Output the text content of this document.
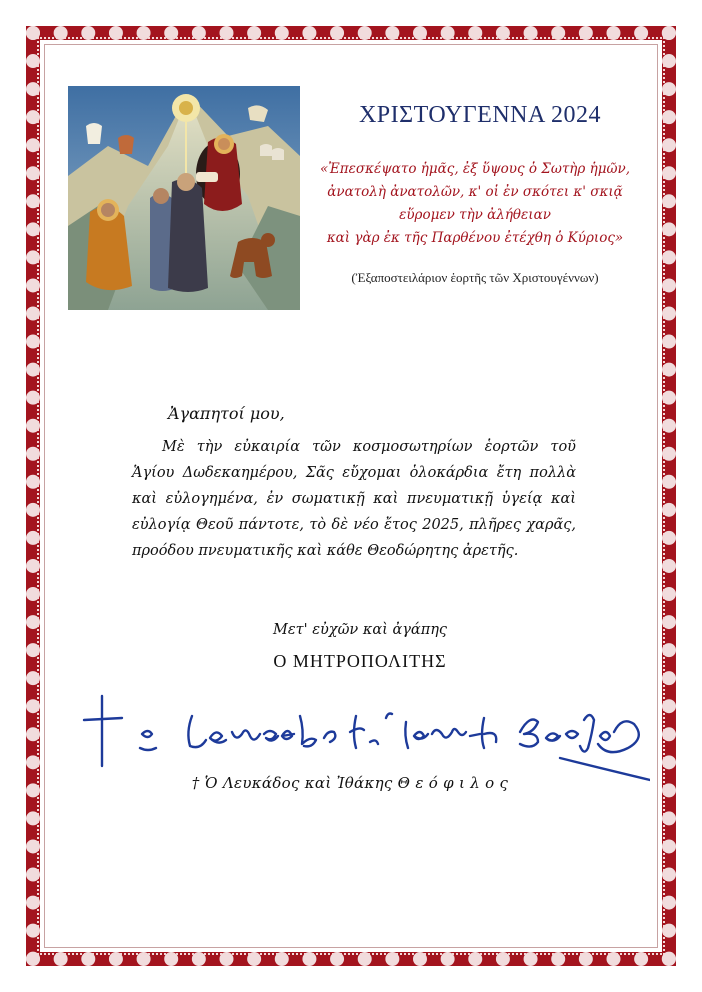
ΧΡΙΣΤΟΥΓΕΝΝΑ 2024
«Ἐπεσκέψατο ἡμᾶς, ἐξ ὕψους ὁ Σωτὴρ ἡμῶν,
ἀνατολὴ ἀνατολῶν, κ' οἱ ἐν σκότει κ' σκιᾷ
εὕρομεν τὴν ἀλήθειαν
καὶ γὰρ ἐκ τῆς Παρθένου ἐτέχθη ὁ Κύριος»
(Ἐξαποστειλάριον ἑορτῆς τῶν Χριστουγέννων)
Ἀγαπητοί μου,
Μὲ τὴν εὐκαιρία τῶν κοσμοσωτηρίων ἑορτῶν τοῦ Ἁγίου Δωδεκαημέρου, Σᾶς εὔχομαι ὁλοκάρδια ἔτη πολλὰ καὶ εὐλογημένα, ἐν σωματικῇ καὶ πνευματικῇ ὑγείᾳ καὶ εὐλογίᾳ Θεοῦ πάντοτε, τὸ δὲ νέο ἔτος 2025, πλῆρες χαρᾶς, προόδου πνευματικῆς καὶ κάθε Θεοδώρητης ἀρετῆς.
Μετ' εὐχῶν καὶ ἀγάπης
Ο ΜΗΤΡΟΠΟΛΙΤΗΣ
† Ὁ Λευκάδος καὶ Ἰθάκης Θ ε ό φ ι λ ο ς
